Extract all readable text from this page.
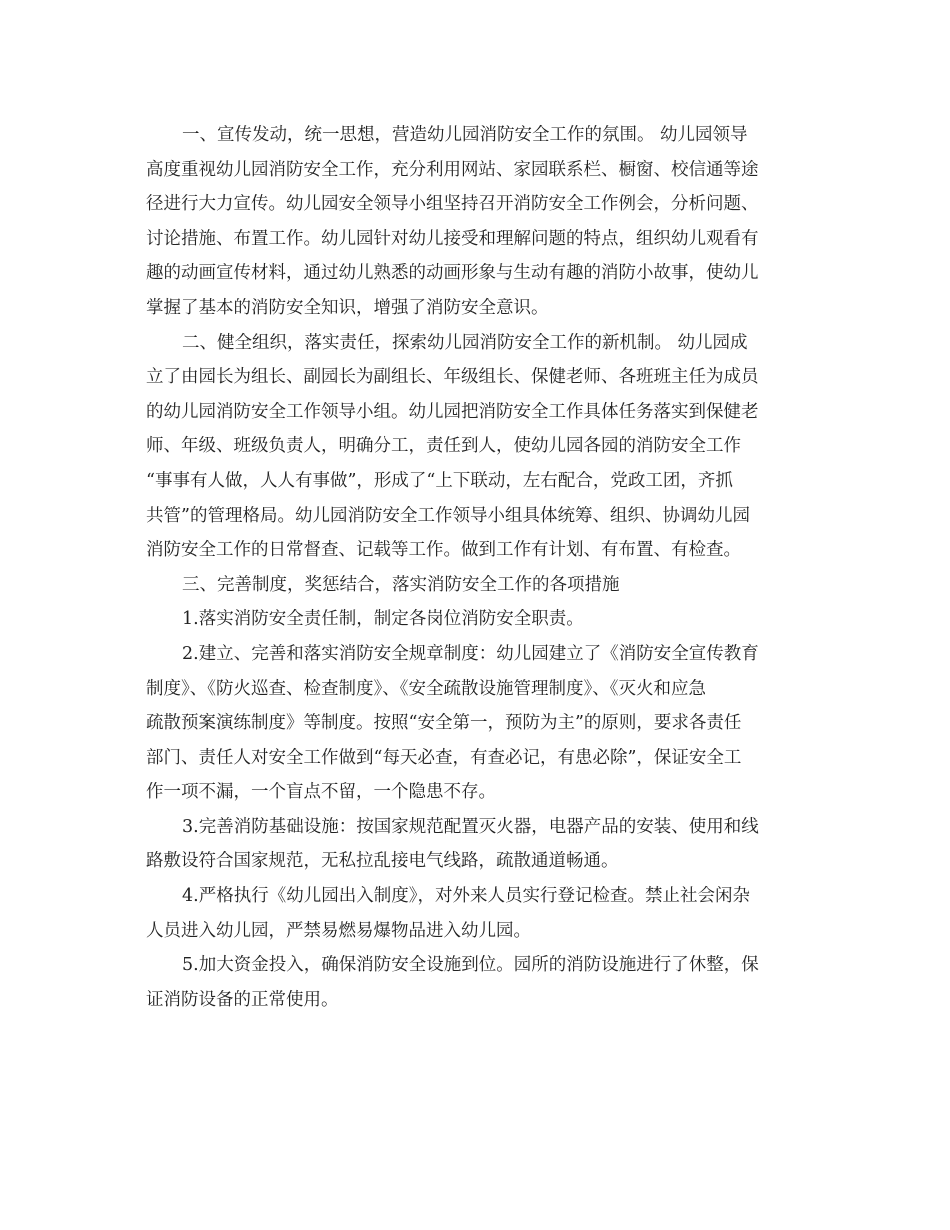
一、宣传发动，统一思想，营造幼儿园消防安全工作的氛围。 幼儿园领导
高度重视幼儿园消防安全工作，充分利用网站、家园联系栏、橱窗、校信通等途
径进行大力宣传。幼儿园安全领导小组坚持召开消防安全工作例会，分析问题、
讨论措施、布置工作。幼儿园针对幼儿接受和理解问题的特点，组织幼儿观看有
趣的动画宣传材料，通过幼儿熟悉的动画形象与生动有趣的消防小故事，使幼儿
掌握了基本的消防安全知识，增强了消防安全意识。
二、健全组织，落实责任，探索幼儿园消防安全工作的新机制。 幼儿园成
立了由园长为组长、副园长为副组长、年级组长、保健老师、各班班主任为成员
的幼儿园消防安全工作领导小组。幼儿园把消防安全工作具体任务落实到保健老
师、年级、班级负责人，明确分工，责任到人，使幼儿园各园的消防安全工作
“事事有人做，人人有事做”，形成了“上下联动，左右配合，党政工团，齐抓
共管”的管理格局。幼儿园消防安全工作领导小组具体统筹、组织、协调幼儿园
消防安全工作的日常督查、记载等工作。做到工作有计划、有布置、有检查。
三、完善制度，奖惩结合，落实消防安全工作的各项措施
1.落实消防安全责任制，制定各岗位消防安全职责。
2.建立、完善和落实消防安全规章制度：幼儿园建立了《消防安全宣传教育
制度》、《防火巡查、检查制度》、《安全疏散设施管理制度》、《灭火和应急
疏散预案演练制度》等制度。按照“安全第一，预防为主”的原则，要求各责任
部门、责任人对安全工作做到“每天必查，有查必记，有患必除”，保证安全工
作一项不漏，一个盲点不留，一个隐患不存。
3.完善消防基础设施：按国家规范配置灭火器，电器产品的安装、使用和线
路敷设符合国家规范，无私拉乱接电气线路，疏散通道畅通。
4.严格执行《幼儿园出入制度》，对外来人员实行登记检查。禁止社会闲杂
人员进入幼儿园，严禁易燃易爆物品进入幼儿园。
5.加大资金投入，确保消防安全设施到位。园所的消防设施进行了休整，保
证消防设备的正常使用。
